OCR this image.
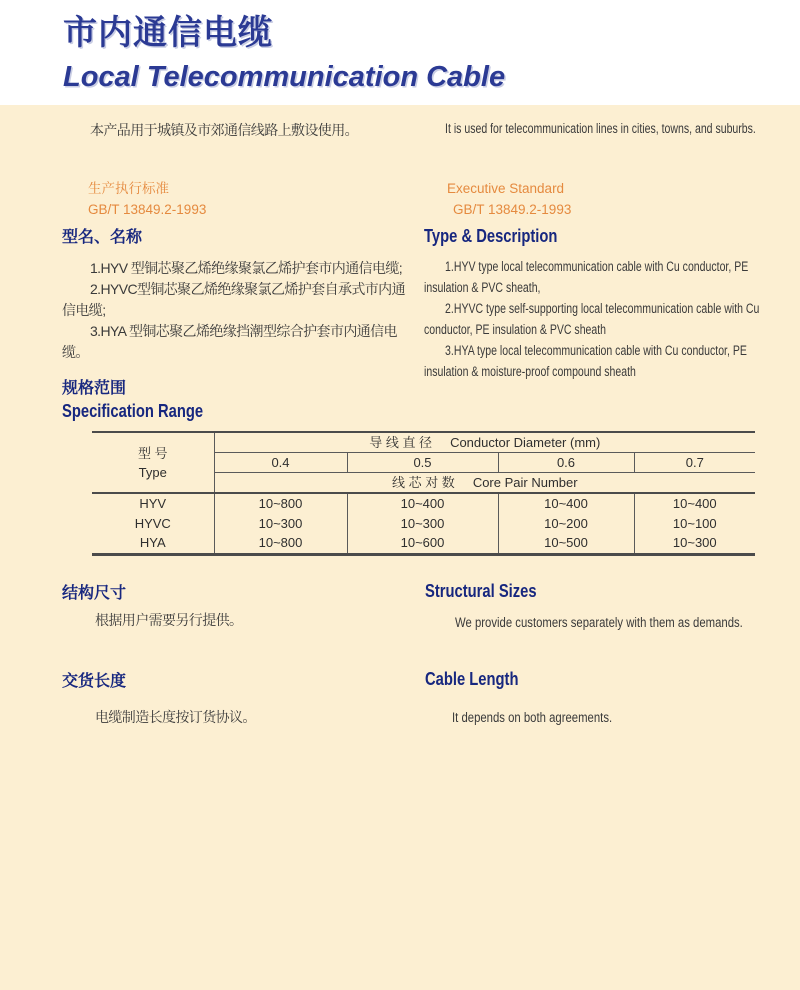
市内通信电缆
Local Telecommunication Cable

本产品用于城镇及市郊通信线路上敷设使用。	It is used for telecommunication lines in cities, towns, and suburbs.

生产执行标准

GB/T 13849.2-1993

Executive Standard

GB/T 13849.2-1993

型名、名称	Type & Description

1.HYV 型铜芯聚乙烯绝缘聚氯乙烯护套市内通信电缆;

2.HYVC型铜芯聚乙烯绝缘聚氯乙烯护套自承式市内通信电缆;

3.HYA 型铜芯聚乙烯绝缘挡潮型综合护套市内通信电缆。

1.HYV type local telecommunication cable with Cu conductor, PE insulation & PVC sheath,

2.HYVC type self-supporting local telecommunication cable with Cu conductor, PE insulation & PVC sheath

3.HYA type local telecommunication cable with Cu conductor, PE insulation & moisture-proof compound sheath

规格范围
Specification Range
型 号
Type	导 线 直 径 Conductor Diameter (mm)			
	0.4	0.5	0.6	0.7
	线 芯 对 数 Core Pair Number			
HYV	10~800	10~400	10~400	10~400
HYVC	10~300	10~300	10~200	10~100
HYA	10~800	10~600	10~500	10~300
结构尺寸

根据用户需要另行提供。

Structural Sizes

We provide customers separately with them as demands.

交货长度

电缆制造长度按订货协议。

Cable Length

It depends on both agreements.
